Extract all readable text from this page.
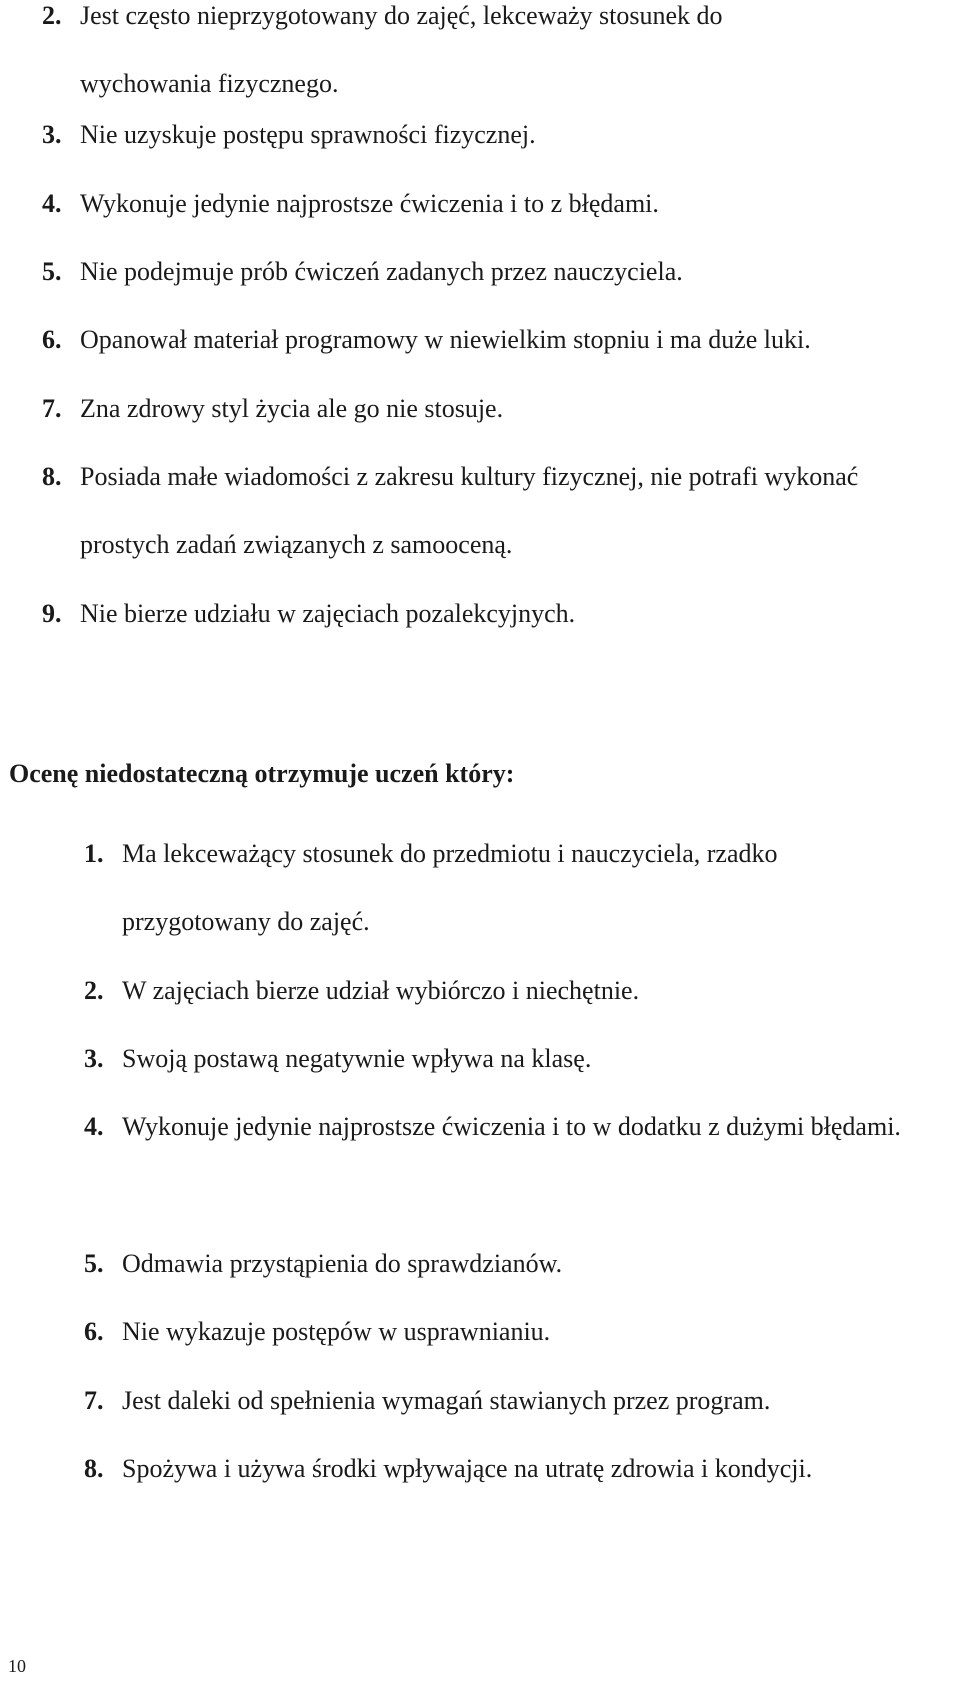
2. Jest często nieprzygotowany do zajęć, lekceważy stosunek do wychowania fizycznego.
3. Nie uzyskuje postępu sprawności fizycznej.
4. Wykonuje jedynie najprostsze ćwiczenia i to z błędami.
5. Nie podejmuje prób ćwiczeń zadanych przez nauczyciela.
6. Opanował materiał programowy w niewielkim stopniu i ma duże luki.
7. Zna zdrowy styl życia ale go nie stosuje.
8. Posiada małe wiadomości z zakresu kultury fizycznej, nie potrafi wykonać prostych zadań związanych z samooceną.
9. Nie bierze udziału w zajęciach pozalekcyjnych.
Ocenę niedostateczną otrzymuje uczeń który:
1. Ma lekceważący stosunek do przedmiotu i nauczyciela, rzadko przygotowany do zajęć.
2. W zajęciach bierze udział wybiórczo i niechętnie.
3. Swoją postawą negatywnie wpływa na klasę.
4. Wykonuje jedynie najprostsze ćwiczenia i to w dodatku z dużymi błędami.
5. Odmawia przystąpienia do sprawdzianów.
6. Nie wykazuje postępów w usprawnianiu.
7. Jest daleki od spełnienia wymagań stawianych przez program.
8. Spożywa i używa środki wpływające na utratę zdrowia i kondycji.
10
